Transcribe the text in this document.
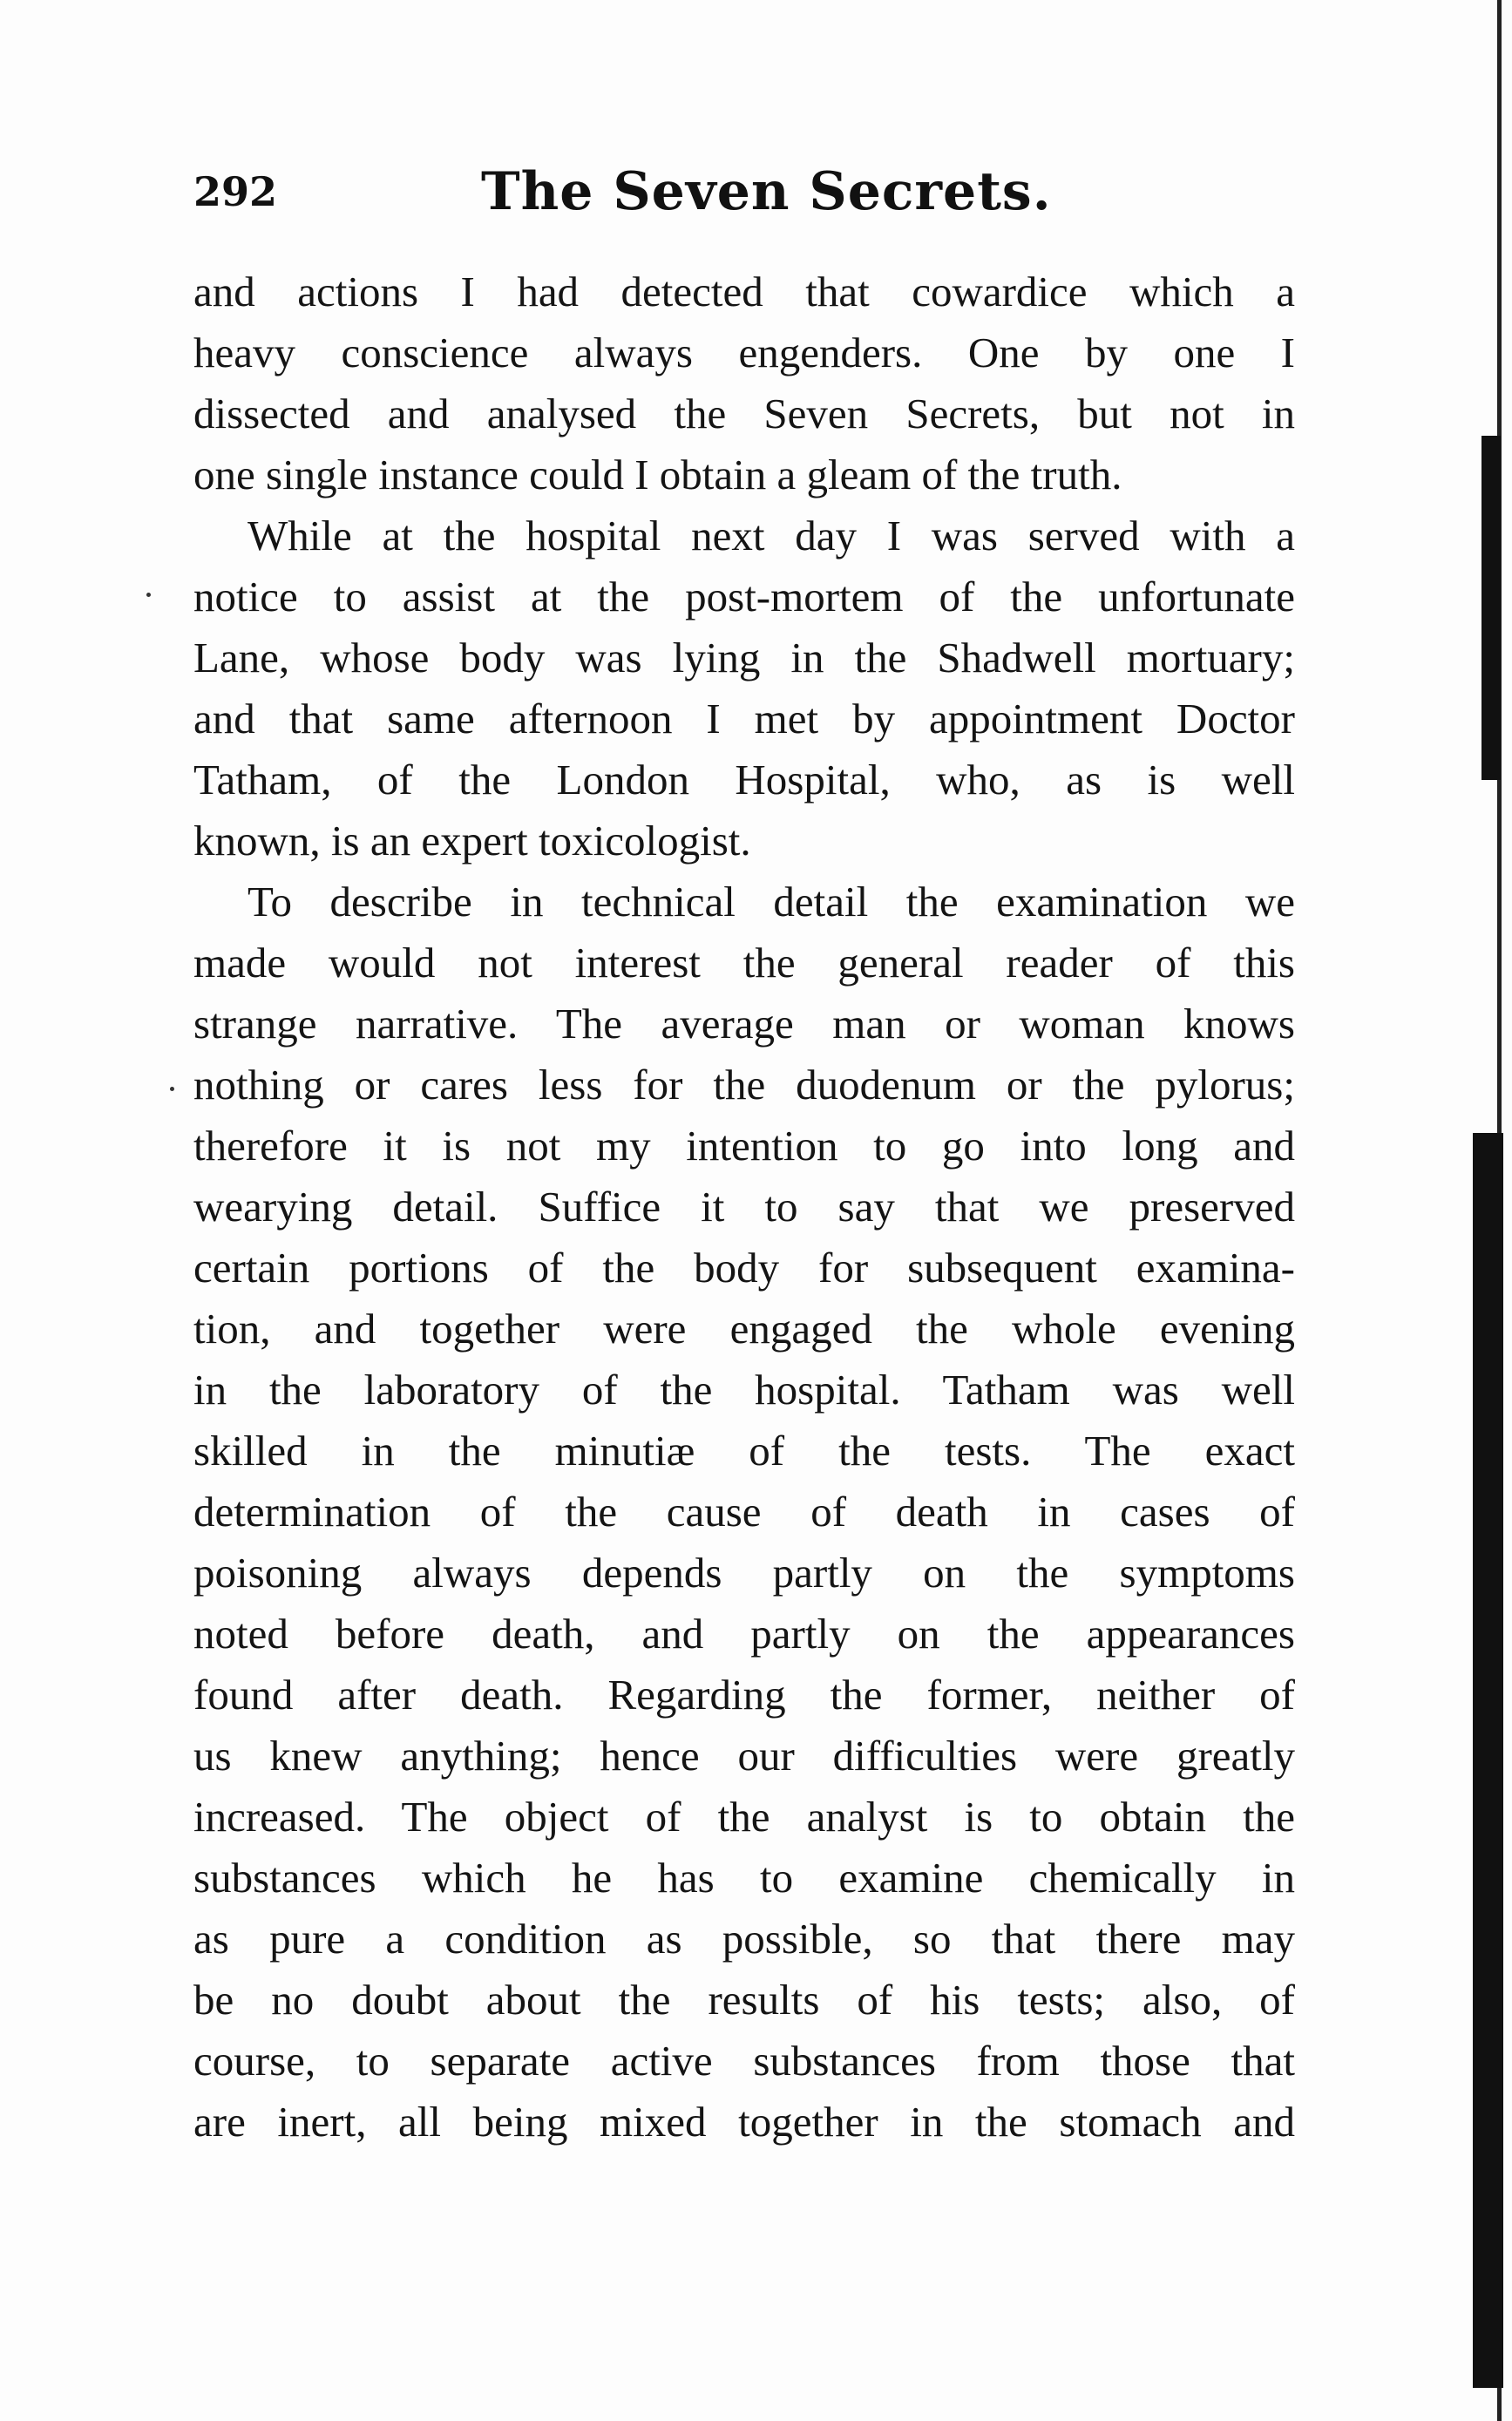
292	The Seven Secrets.
and actions I had detected that cowardice which a
heavy conscience always engenders. One by one I
dissected and analysed the Seven Secrets, but not in
one single instance could I obtain a gleam of the truth.
While at the hospital next day I was served with a
notice to assist at the post-mortem of the unfortunate
Lane, whose body was lying in the Shadwell mortuary;
and that same afternoon I met by appointment Doctor
Tatham, of the London Hospital, who, as is well
known, is an expert toxicologist.
To describe in technical detail the examination we
made would not interest the general reader of this
strange narrative. The average man or woman knows
nothing or cares less for the duodenum or the pylorus;
therefore it is not my intention to go into long and
wearying detail. Suffice it to say that we preserved
certain portions of the body for subsequent examina-
tion, and together were engaged the whole evening
in the laboratory of the hospital. Tatham was well
skilled in the minutiæ of the tests. The exact
determination of the cause of death in cases of
poisoning always depends partly on the symptoms
noted before death, and partly on the appearances
found after death. Regarding the former, neither of
us knew anything; hence our difficulties were greatly
increased. The object of the analyst is to obtain the
substances which he has to examine chemically in
as pure a condition as possible, so that there may
be no doubt about the results of his tests; also, of
course, to separate active substances from those that
are inert, all being mixed together in the stomach and
